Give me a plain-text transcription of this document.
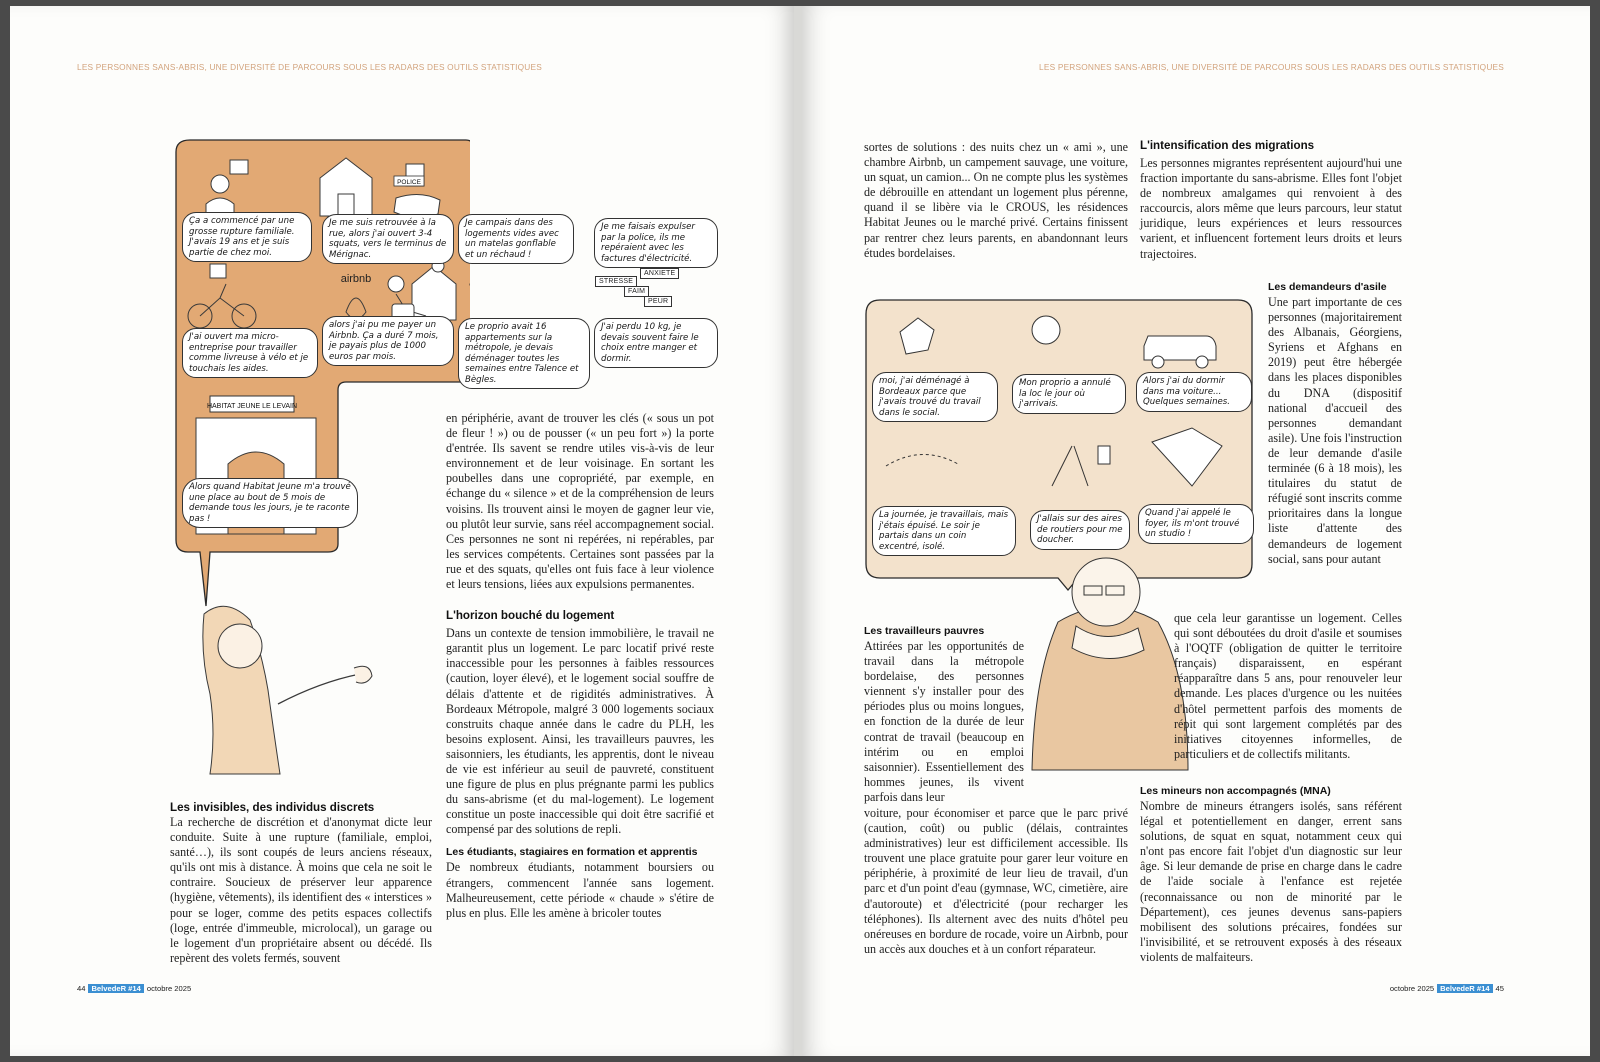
LES PERSONNES SANS-ABRIS, UNE DIVERSITÉ DE PARCOURS SOUS LES RADARS DES OUTILS STATISTIQUES
HABITAT JEUNE LE LEVAIN
POLICE
airbnb
Ça a commencé par une grosse rupture familiale. J'avais 19 ans et je suis partie de chez moi.
Je me suis retrouvée à la rue, alors j'ai ouvert 3-4 squats, vers le terminus de Mérignac.
Je campais dans des logements vides avec un matelas gonflable et un réchaud !
Je me faisais expulser par la police, ils me repéraient avec les factures d'électricité.
J'ai ouvert ma micro-entreprise pour travailler comme livreuse à vélo et je touchais les aides.
alors j'ai pu me payer un Airbnb. Ça a duré 7 mois, je payais plus de 1000 euros par mois.
Le proprio avait 16 appartements sur la métropole, je devais déménager toutes les semaines entre Talence et Bègles.
J'ai perdu 10 kg, je devais souvent faire le choix entre manger et dormir.
STRESSE
ANXIETE
FAIM
PEUR
Alors quand Habitat Jeune m'a trouvé une place au bout de 5 mois de demande tous les jours, je te raconte pas !
Les invisibles, des individus discrets

La recherche de discrétion et d'anonymat dicte leur conduite. Suite à une rupture (familiale, emploi, santé…), ils sont coupés de leurs anciens réseaux, qu'ils ont mis à distance. À moins que cela ne soit le contraire. Soucieux de préserver leur apparence (hygiène, vêtements), ils identifient des « interstices » pour se loger, comme des petits espaces collectifs (loge, entrée d'immeuble, microlocal), un garage ou le logement d'un propriétaire absent ou décédé. Ils repèrent des volets fermés, souvent

en périphérie, avant de trouver les clés (« sous un pot de fleur ! ») ou de pousser (« un peu fort ») la porte d'entrée. Ils savent se rendre utiles vis-à-vis de leur environnement et de leur voisinage. En sortant les poubelles dans une copropriété, par exemple, en échange du « silence » et de la compréhension de leurs voisins. Ils trouvent ainsi le moyen de gagner leur vie, ou plutôt leur survie, sans réel accompagnement social. Ces personnes ne sont ni repérées, ni repérables, par les services compétents. Certaines sont passées par la rue et des squats, qu'elles ont fuis face à leur violence et leurs tensions, liées aux expulsions permanentes.

L'horizon bouché du logement

Dans un contexte de tension immobilière, le travail ne garantit plus un logement. Le parc locatif privé reste inaccessible pour les personnes à faibles ressources (caution, loyer élevé), et le logement social souffre de délais d'attente et de rigidités administratives. À Bordeaux Métropole, malgré 3 000 logements sociaux construits chaque année dans le cadre du PLH, les besoins explosent. Ainsi, les travailleurs pauvres, les saisonniers, les étudiants, les apprentis, dont le niveau de vie est inférieur au seuil de pauvreté, constituent une figure de plus en plus prégnante parmi les publics du sans-abrisme (et du mal-logement). Le logement constitue un poste inaccessible qui doit être sacrifié et compensé par des solutions de repli.

Les étudiants, stagiaires en formation et apprentis

De nombreux étudiants, notamment boursiers ou étrangers, commencent l'année sans logement. Malheureusement, cette période « chaude » s'étire de plus en plus. Elle les amène à bricoler toutes

44 BelvedeR #14 octobre 2025
LES PERSONNES SANS-ABRIS, UNE DIVERSITÉ DE PARCOURS SOUS LES RADARS DES OUTILS STATISTIQUES

sortes de solutions : des nuits chez un « ami », une chambre Airbnb, un campement sauvage, une voiture, un squat, un camion... On ne compte plus les systèmes de débrouille en attendant un logement plus pérenne, quand il se libère via le CROUS, les résidences Habitat Jeunes ou le marché privé. Certains finissent par rentrer chez leurs parents, en abandonnant leurs études bordelaises.

moi, j'ai déménagé à Bordeaux parce que j'avais trouvé du travail dans le social.
Mon proprio a annulé la loc le jour où j'arrivais.
Alors j'ai du dormir dans ma voiture... Quelques semaines.
La journée, je travaillais, mais j'étais épuisé. Le soir je partais dans un coin excentré, isolé.
J'allais sur des aires de routiers pour me doucher.
Quand j'ai appelé le foyer, ils m'ont trouvé un studio !
Les travailleurs pauvres

Attirées par les opportunités de travail dans la métropole bordelaise, des personnes viennent s'y installer pour des périodes plus ou moins longues, en fonction de la durée de leur contrat de travail (beaucoup en intérim ou en emploi saisonnier). Essentiellement des hommes jeunes, ils vivent parfois dans leur

voiture, pour économiser et parce que le parc privé (caution, coût) ou public (délais, contraintes administratives) leur est difficilement accessible. Ils trouvent une place gratuite pour garer leur voiture en périphérie, à proximité de leur lieu de travail, d'un parc et d'un point d'eau (gymnase, WC, cimetière, aire d'autoroute) et d'électricité (pour recharger les téléphones). Ils alternent avec des nuits d'hôtel peu onéreuses en bordure de rocade, voire un Airbnb, pour un accès aux douches et à un confort réparateur.

L'intensification des migrations

Les personnes migrantes représentent aujourd'hui une fraction importante du sans-abrisme. Elles font l'objet de nombreux amalgames qui renvoient à des raccourcis, alors même que leurs parcours, leur statut juridique, leurs expériences et leurs ressources varient, et influencent fortement leurs droits et leurs trajectoires.

Les demandeurs d'asile

Une part importante de ces personnes (majoritairement des Albanais, Géorgiens, Syriens et Afghans en 2019) peut être hébergée dans les places disponibles du DNA (dispositif national d'accueil des personnes demandant asile). Une fois l'instruction de leur demande d'asile terminée (6 à 18 mois), les titulaires du statut de réfugié sont inscrits comme prioritaires dans la longue liste d'attente des demandeurs de logement social, sans pour autant

que cela leur garantisse un logement. Celles qui sont déboutées du droit d'asile et soumises à l'OQTF (obligation de quitter le territoire français) disparaissent, en espérant réapparaître dans 5 ans, pour renouveler leur demande. Les places d'urgence ou les nuitées d'hôtel permettent parfois des moments de répit qui sont largement complétés par des initiatives citoyennes informelles, de particuliers et de collectifs militants.

Les mineurs non accompagnés (MNA)

Nombre de mineurs étrangers isolés, sans référent légal et potentiellement en danger, errent sans solutions, de squat en squat, notamment ceux qui n'ont pas encore fait l'objet d'un diagnostic sur leur âge. Si leur demande de prise en charge dans le cadre de l'aide sociale à l'enfance est rejetée (reconnaissance ou non de minorité par le Département), ces jeunes devenus sans-papiers mobilisent des solutions précaires, fondées sur l'invisibilité, et se retrouvent exposés à des réseaux violents de malfaiteurs.

octobre 2025 BelvedeR #14 45
